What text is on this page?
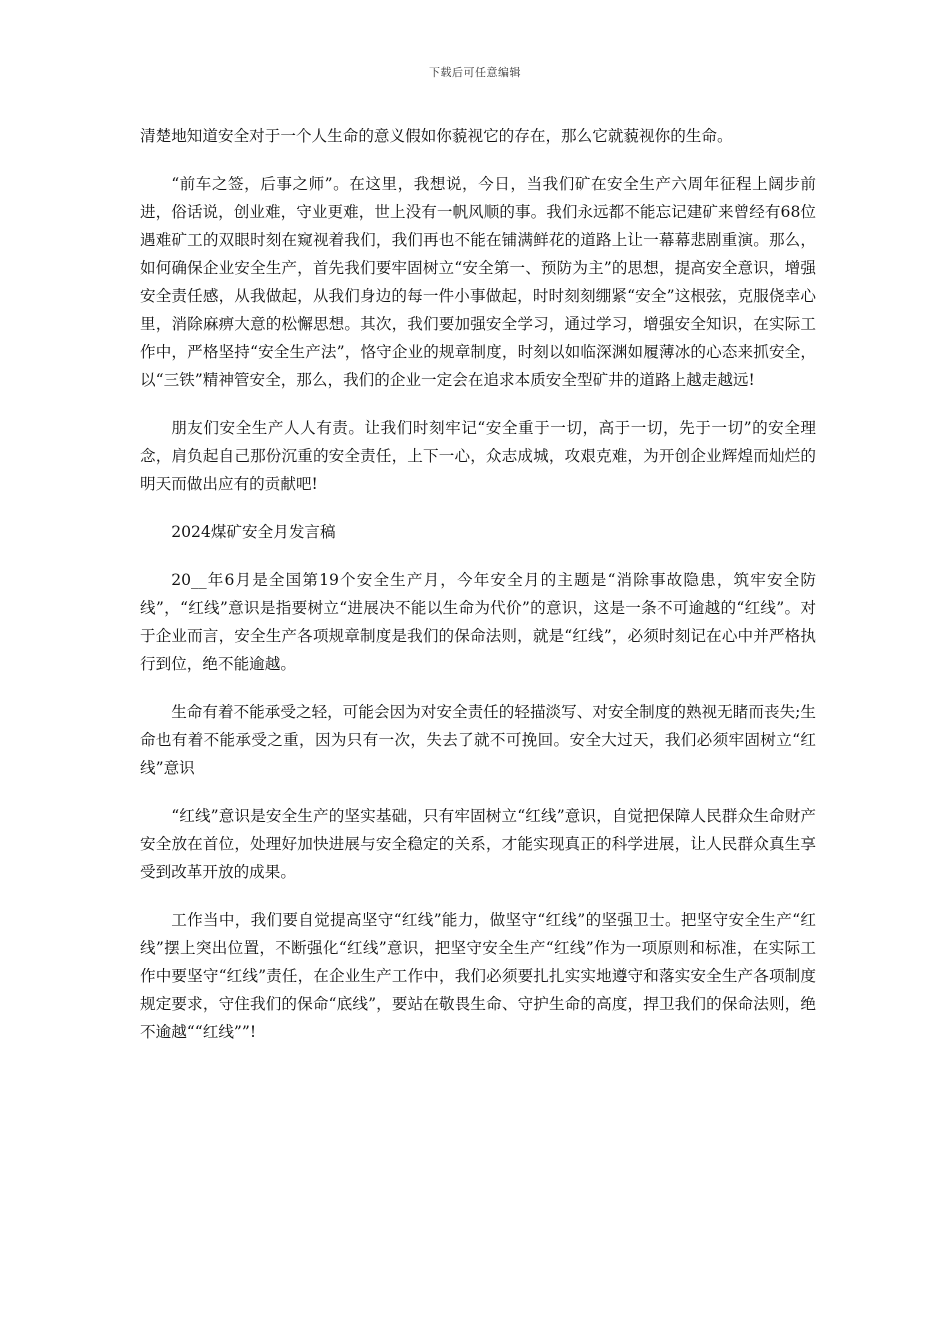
下载后可任意编辑

清楚地知道安全对于一个人生命的意义假如你藐视它的存在，那么它就藐视你的生命。

“前车之签，后事之师”。在这里，我想说，今日，当我们矿在安全生产六周年征程上阔步前进，俗话说，创业难，守业更难，世上没有一帆风顺的事。我们永远都不能忘记建矿来曾经有68位遇难矿工的双眼时刻在窥视着我们，我们再也不能在铺满鲜花的道路上让一幕幕悲剧重演。那么，如何确保企业安全生产，首先我们要牢固树立“安全第一、预防为主”的思想，提高安全意识，增强安全责任感，从我做起，从我们身边的每一件小事做起，时时刻刻绷紧“安全”这根弦，克服侥幸心里，消除麻痹大意的松懈思想。其次，我们要加强安全学习，通过学习，增强安全知识，在实际工作中，严格坚持“安全生产法”，恪守企业的规章制度，时刻以如临深渊如履薄冰的心态来抓安全，以“三铁”精神管安全，那么，我们的企业一定会在追求本质安全型矿井的道路上越走越远!

朋友们安全生产人人有责。让我们时刻牢记“安全重于一切，高于一切，先于一切”的安全理念，肩负起自己那份沉重的安全责任，上下一心，众志成城，攻艰克难，为开创企业辉煌而灿烂的明天而做出应有的贡献吧!

2024煤矿安全月发言稿

20__年6月是全国第19个安全生产月，今年安全月的主题是“消除事故隐患，筑牢安全防线”，“红线”意识是指要树立“进展决不能以生命为代价”的意识，这是一条不可逾越的“红线”。对于企业而言，安全生产各项规章制度是我们的保命法则，就是“红线”，必须时刻记在心中并严格执行到位，绝不能逾越。

生命有着不能承受之轻，可能会因为对安全责任的轻描淡写、对安全制度的熟视无睹而丧失;生命也有着不能承受之重，因为只有一次，失去了就不可挽回。安全大过天，我们必须牢固树立“红线”意识

“红线”意识是安全生产的坚实基础，只有牢固树立“红线”意识，自觉把保障人民群众生命财产安全放在首位，处理好加快进展与安全稳定的关系，才能实现真正的科学进展，让人民群众真生享受到改革开放的成果。

工作当中，我们要自觉提高坚守“红线”能力，做坚守“红线”的坚强卫士。把坚守安全生产“红线”摆上突出位置，不断强化“红线”意识，把坚守安全生产“红线”作为一项原则和标准，在实际工作中要坚守“红线”责任，在企业生产工作中，我们必须要扎扎实实地遵守和落实安全生产各项制度规定要求，守住我们的保命“底线”，要站在敬畏生命、守护生命的高度，捍卫我们的保命法则，绝不逾越““红线””!
